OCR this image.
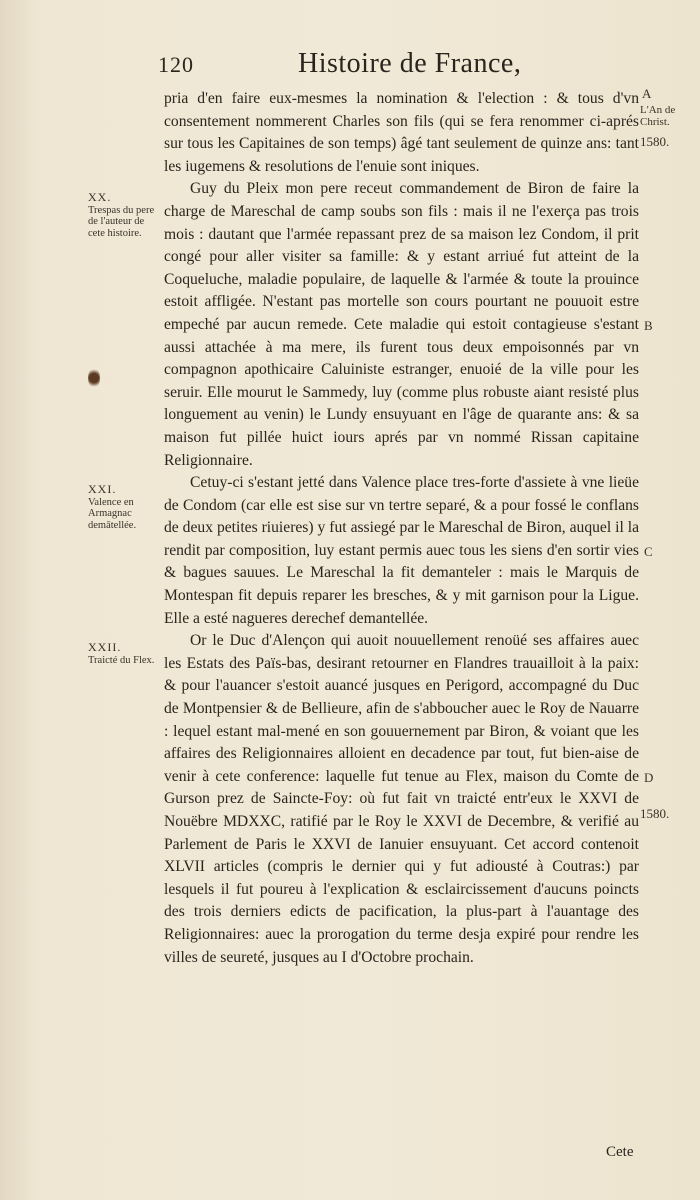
120	Histoire de France,
A
L'An de Christ.
1580.
B
C
D
1580.
XX.
Trespas du pere de l'auteur de cete histoire.
XXI.
Valence en Armagnac demātellée.
XXII.
Traicté du Flex.

pria d'en faire eux-mesmes la nomination & l'election : & tous d'vn consentement nommerent Charles son fils (qui se fera renommer ci-aprés sur tous les Capitaines de son temps) âgé tant seulement de quinze ans: tant les iugemens & resolutions de l'enuie sont iniques.

Guy du Pleix mon pere receut commandement de Biron de faire la charge de Mareschal de camp soubs son fils : mais il ne l'exerça pas trois mois : dautant que l'armée repassant prez de sa maison lez Condom, il prit congé pour aller visiter sa famille: & y estant arriué fut atteint de la Coqueluche, maladie populaire, de laquelle & l'armée & toute la prouince estoit affligée. N'estant pas mortelle son cours pourtant ne pouuoit estre empeché par aucun remede. Cete maladie qui estoit contagieuse s'estant aussi attachée à ma mere, ils furent tous deux empoisonnés par vn compagnon apothicaire Caluiniste estranger, enuoié de la ville pour les seruir. Elle mourut le Sammedy, luy (comme plus robuste aiant resisté plus longuement au venin) le Lundy ensuyuant en l'âge de quarante ans: & sa maison fut pillée huict iours aprés par vn nommé Rissan capitaine Religionnaire.

Cetuy-ci s'estant jetté dans Valence place tres-forte d'assiete à vne lieüe de Condom (car elle est sise sur vn tertre separé, & a pour fossé le conflans de deux petites riuieres) y fut assiegé par le Mareschal de Biron, auquel il la rendit par composition, luy estant permis auec tous les siens d'en sortir vies & bagues sauues. Le Mareschal la fit demanteler : mais le Marquis de Montespan fit depuis reparer les bresches, & y mit garnison pour la Ligue. Elle a esté nagueres derechef demantellée.

Or le Duc d'Alençon qui auoit nouuellement renoüé ses affaires auec les Estats des Païs-bas, desirant retourner en Flandres trauailloit à la paix: & pour l'auancer s'estoit auancé jusques en Perigord, accompagné du Duc de Montpensier & de Bellieure, afin de s'abboucher auec le Roy de Nauarre : lequel estant mal-mené en son gouuernement par Biron, & voiant que les affaires des Religionnaires alloient en decadence par tout, fut bien-aise de venir à cete conference: laquelle fut tenue au Flex, maison du Comte de Gurson prez de Saincte-Foy: où fut fait vn traicté entr'eux le XXVI de Nouëbre MDXXC, ratifié par le Roy le XXVI de Decembre, & verifié au Parlement de Paris le XXVI de Ianuier ensuyuant. Cet accord contenoit XLVII articles (compris le dernier qui y fut adiousté à Coutras:) par lesquels il fut poureu à l'explication & esclaircissement d'aucuns poincts des trois derniers edicts de pacification, la plus-part à l'auantage des Religionnaires: auec la prorogation du terme desja expiré pour rendre les villes de seureté, jusques au I d'Octobre prochain.

Cete
